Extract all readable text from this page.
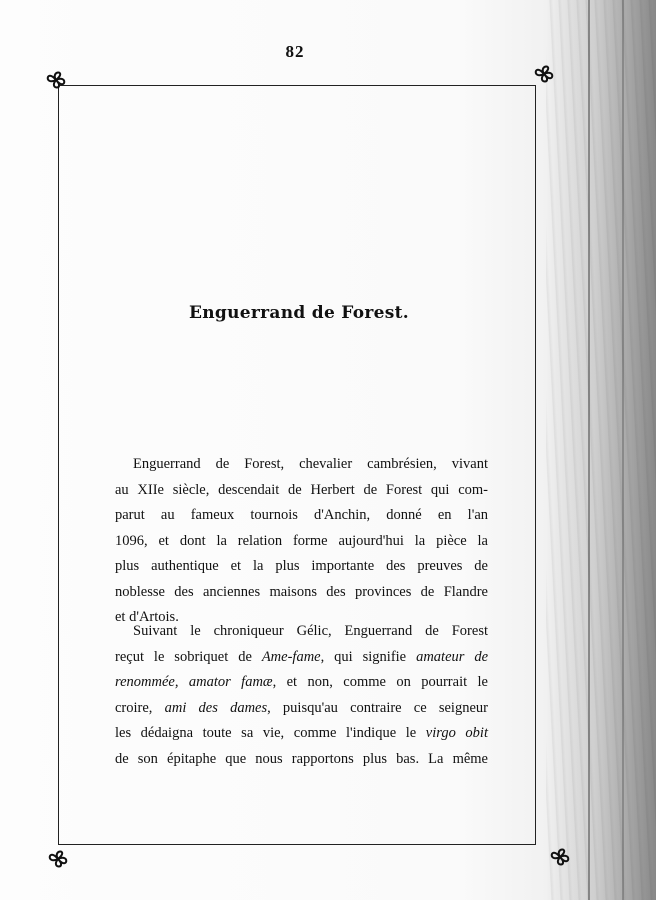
82
Enguerrand de Forest.
Enguerrand de Forest, chevalier cambrésien, vivant
au XIIe siècle, descendait de Herbert de Forest qui com-
parut au fameux tournois d'Anchin, donné en l'an
1096, et dont la relation forme aujourd'hui la pièce la
plus authentique et la plus importante des preuves de
noblesse des anciennes maisons des provinces de Flandre
et d'Artois.
Suivant le chroniqueur Gélic, Enguerrand de Forest
reçut le sobriquet de Ame-fame, qui signifie amateur de
renommée, amator famæ, et non, comme on pourrait le
croire, ami des dames, puisqu'au contraire ce seigneur
les dédaigna toute sa vie, comme l'indique le virgo obit
de son épitaphe que nous rapportons plus bas. La même
